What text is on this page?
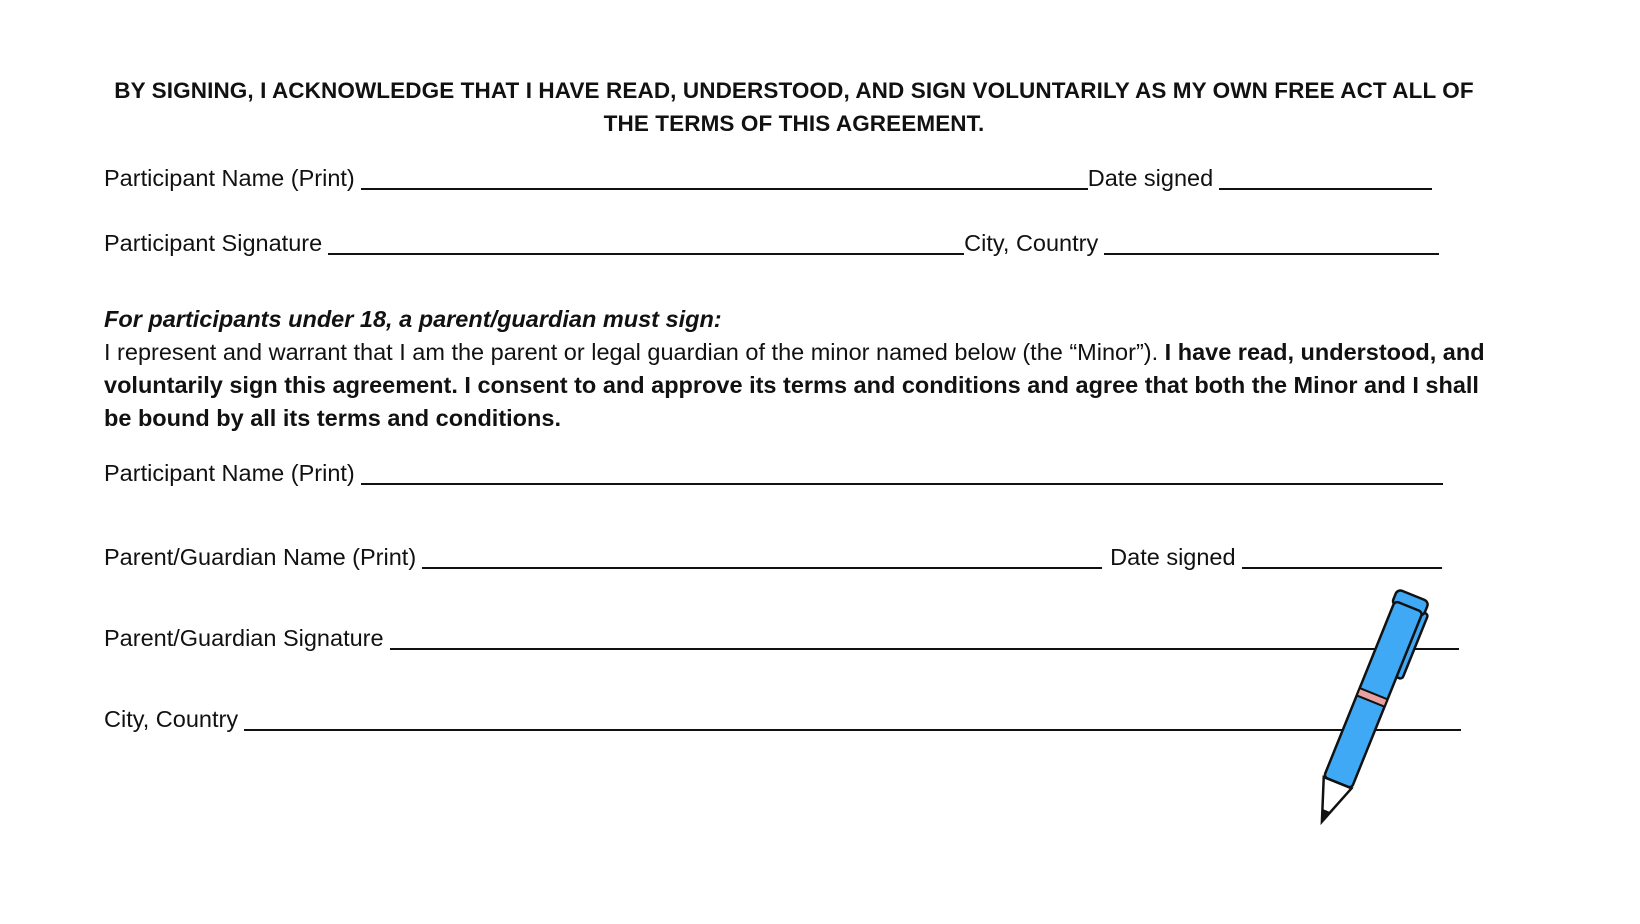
BY SIGNING, I ACKNOWLEDGE THAT I HAVE READ, UNDERSTOOD, AND SIGN VOLUNTARILY AS MY OWN FREE ACT ALL OF
THE TERMS OF THIS AGREEMENT.
Participant Name (Print)	Date signed
Participant Signature	City, Country
For participants under 18, a parent/guardian must sign:
I represent and warrant that I am the parent or legal guardian of the minor named below (the “Minor”). I have read, understood, and voluntarily sign this agreement. I consent to and approve its terms and conditions and agree that both the Minor and I shall be bound by all its terms and conditions.
Participant Name (Print)
Parent/Guardian Name (Print)	Date signed
Parent/Guardian Signature
City, Country
